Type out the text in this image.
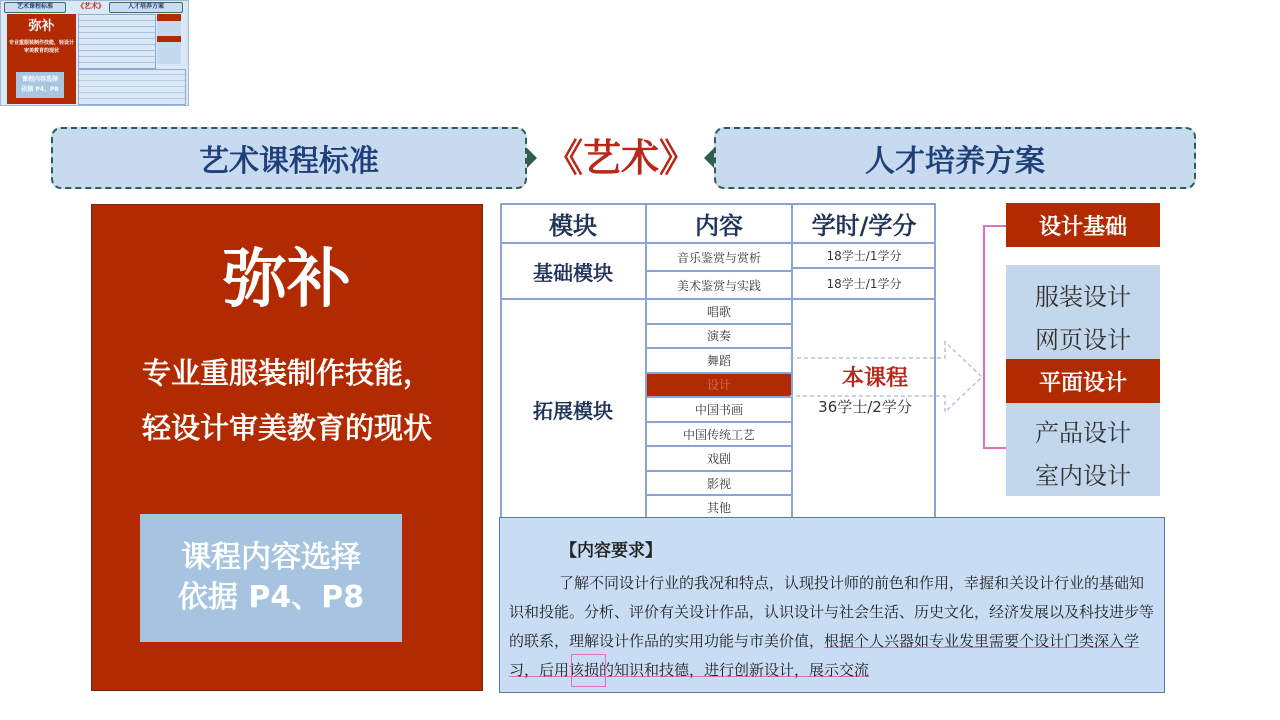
艺术课程标准	《艺术》	人才培养方案
弥补
专业重服装制作技能，轻设计审美教育的现状
课程内容选择
依据 P4、P8
艺术课程标准	《艺术》	人才培养方案
弥补
专业重服装制作技能，
轻设计审美教育的现状
课程内容选择
依据 P4、P8
模块	内容	学时/学分
基础模块
音乐鉴赏与赏析	18学士/1学分
美术鉴赏与实践	18学士/1学分
拓展模块
唱歌
演奏
舞蹈
设计
中国书画
中国传统工艺
戏剧
影视
其他
本课程
36学士/2学分
设计基础
服装设计
网页设计
平面设计
产品设计
室内设计
【内容要求】
了解不同设计行业的我况和特点，认现投计师的前色和作用，幸握和关设计行业的基础知识和投能。分析、评价有关设计作品，认识设计与社会生活、历史文化，经济发展以及科技进步等的联系，理解设计作品的实用功能与市美价值，根据个人兴器如专业发里需要个设计门类深入学习，后用该损的知识和技德，进行创新设计，展示交流
